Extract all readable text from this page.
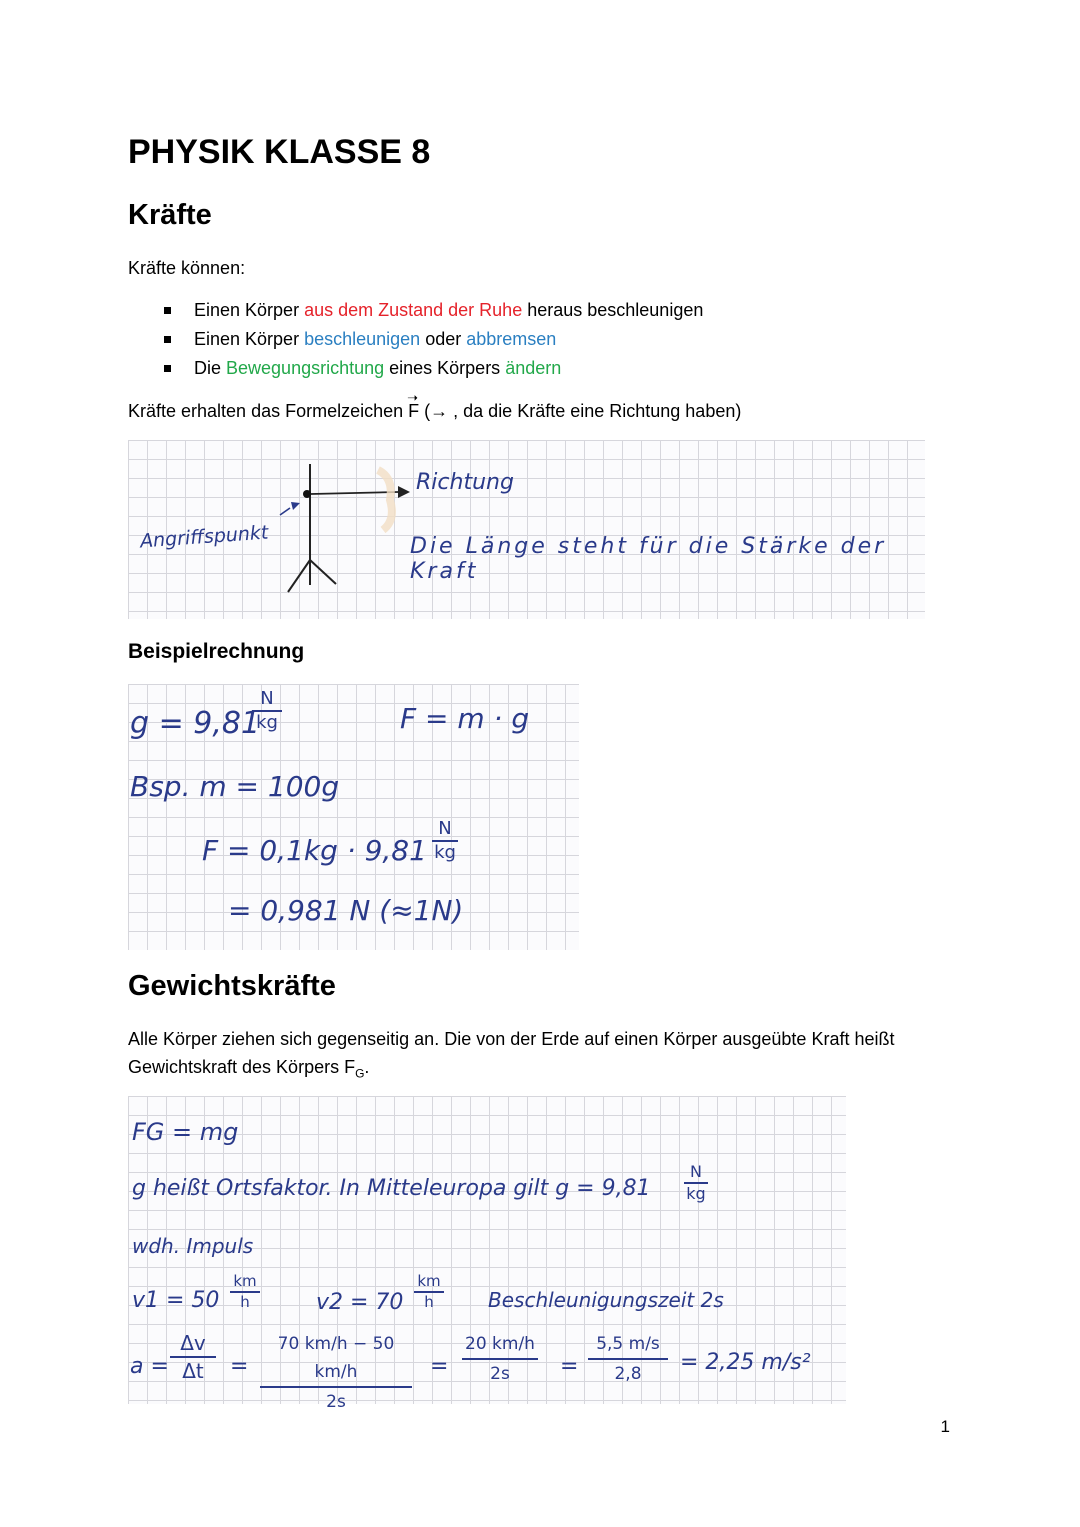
PHYSIK KLASSE 8
Kräfte
Kräfte können:
Einen Körper aus dem Zustand der Ruhe heraus beschleunigen
Einen Körper beschleunigen oder abbremsen
Die Bewegungsrichtung eines Körpers ändern
Kräfte erhalten das Formelzeichen
➝
F (→ , da die Kräfte eine Richtung haben)
Angriffspunkt
Richtung
Die Länge steht für die Stärke der Kraft
Beispielrechnung
g = 9,81
$\frac{N}{kg}$	F = m · g
Bsp. m = 100g
$F = 0,1kg \cdot 9,81 \frac{N}{kg}$
= 0,981 N (≈1N)
Gewichtskräfte
Alle Körper ziehen sich gegenseitig an. Die von der Erde auf einen Körper ausgeübte Kraft heißt
Gewichtskraft des Körpers $F_G$.
FG = mg
g heißt Ortsfaktor. In Mitteleuropa gilt $g = 9,81 \frac{N}{kg}$
wdh. Impuls
$v1 = 50 \frac{km}{h}$	$v2 = 70 \frac{km}{h}$ Beschleunigungszeit 2s
$a = \frac{\Delta v}{\Delta t} = \frac{70 km/h - 50 km/h}{2s} = \frac{20 km/h}{2s} = \frac{5,5 m/s}{2,8} = 2,25$ m/s²
1
